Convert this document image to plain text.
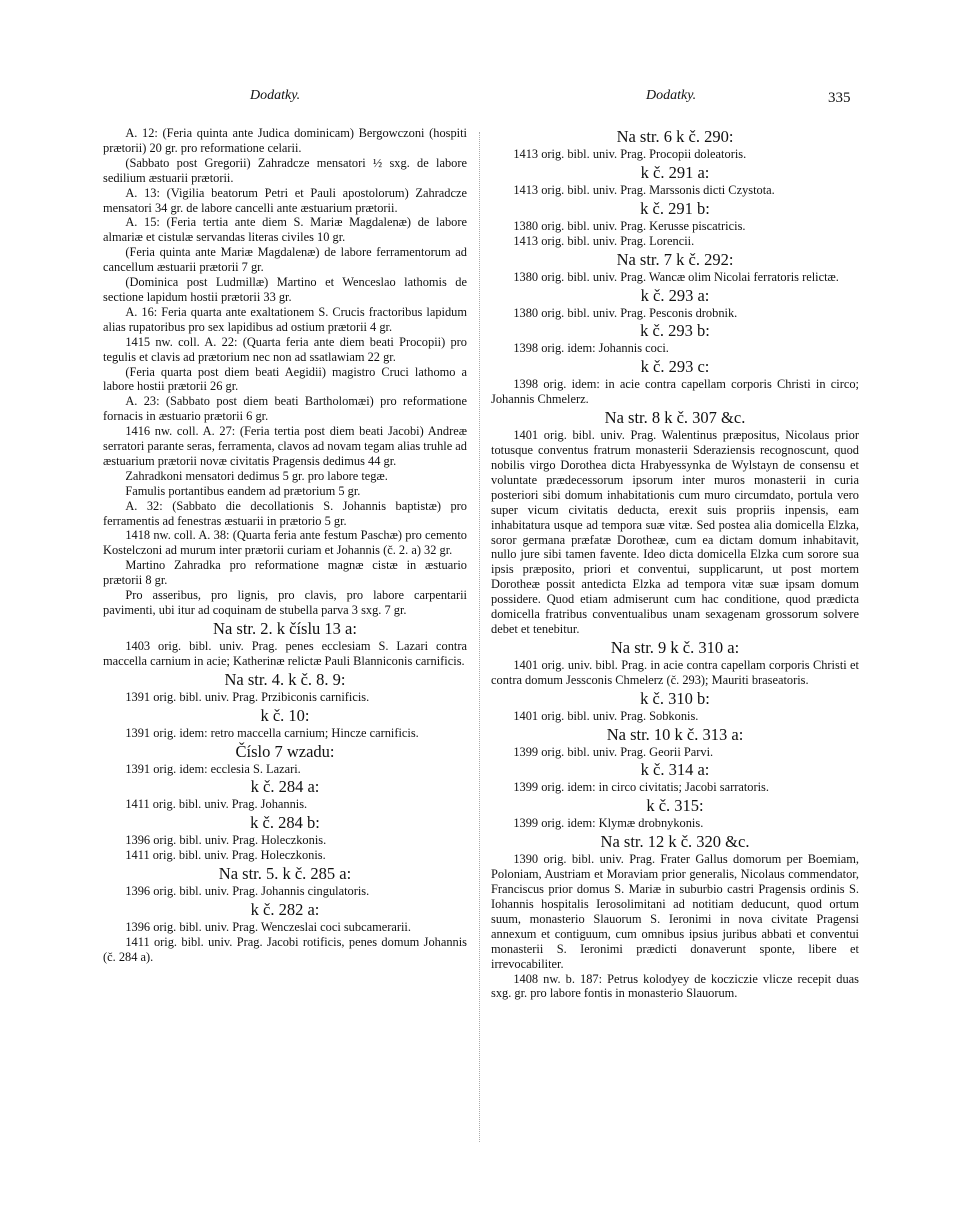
Dodatky.	Dodatky.	335

A. 12: (Feria quinta ante Judica dominicam) Bergowczoni (hospiti prætorii) 20 gr. pro reformatione celarii.

(Sabbato post Gregorii) Zahradcze mensatori ½ sxg. de labore sedilium æstuarii prætorii.

A. 13: (Vigilia beatorum Petri et Pauli apostolorum) Zahradcze mensatori 34 gr. de labore cancelli ante æstuarium prætorii.

A. 15: (Feria tertia ante diem S. Mariæ Magdalenæ) de labore almariæ et cistulæ servandas literas civiles 10 gr.

(Feria quinta ante Mariæ Magdalenæ) de labore ferramentorum ad cancellum æstuarii prætorii 7 gr.

(Dominica post Ludmillæ) Martino et Wenceslao lathomis de sectione lapidum hostii prætorii 33 gr.

A. 16: Feria quarta ante exaltationem S. Crucis fractoribus lapidum alias rupatoribus pro sex lapidibus ad ostium prætorii 4 gr.

1415 nw. coll. A. 22: (Quarta feria ante diem beati Procopii) pro tegulis et clavis ad prætorium nec non ad ssatlawiam 22 gr.

(Feria quarta post diem beati Aegidii) magistro Cruci lathomo a labore hostii prætorii 26 gr.

A. 23: (Sabbato post diem beati Bartholomæi) pro reformatione fornacis in æstuario prætorii 6 gr.

1416 nw. coll. A. 27: (Feria tertia post diem beati Jacobi) Andreæ serratori parante seras, ferramenta, clavos ad novam tegam alias truhle ad æstuarium prætorii novæ civitatis Pragensis dedimus 44 gr.

Zahradkoni mensatori dedimus 5 gr. pro labore tegæ.

Famulis portantibus eandem ad prætorium 5 gr.

A. 32: (Sabbato die decollationis S. Johannis baptistæ) pro ferramentis ad fenestras æstuarii in prætorio 5 gr.

1418 nw. coll. A. 38: (Quarta feria ante festum Paschæ) pro cemento Kostelczoni ad murum inter prætorii curiam et Johannis (č. 2. a) 32 gr.

Martino Zahradka pro reformatione magnæ cistæ in æstuario prætorii 8 gr.

Pro asseribus, pro lignis, pro clavis, pro labore carpentarii pavimenti, ubi itur ad coquinam de stubella parva 3 sxg. 7 gr.

Na str. 2. k číslu 13 a:

1403 orig. bibl. univ. Prag. penes ecclesiam S. Lazari contra maccella carnium in acie; Katherinæ relictæ Pauli Blanniconis carnificis.

Na str. 4. k č. 8. 9:

1391 orig. bibl. univ. Prag. Przibiconis carnificis.

k č. 10:

1391 orig. idem: retro maccella carnium; Hincze carnificis.

Číslo 7 wzadu:

1391 orig. idem: ecclesia S. Lazari.

k č. 284 a:

1411 orig. bibl. univ. Prag. Johannis.

k č. 284 b:

1396 orig. bibl. univ. Prag. Holeczkonis.

1411 orig. bibl. univ. Prag. Holeczkonis.

Na str. 5. k č. 285 a:

1396 orig. bibl. univ. Prag. Johannis cingulatoris.

k č. 282 a:

1396 orig. bibl. univ. Prag. Wenczeslai coci subcamerarii.

1411 orig. bibl. univ. Prag. Jacobi rotificis, penes domum Johannis (č. 284 a).

Na str. 6 k č. 290:

1413 orig. bibl. univ. Prag. Procopii doleatoris.

k č. 291 a:

1413 orig. bibl. univ. Prag. Marssonis dicti Czystota.

k č. 291 b:

1380 orig. bibl. univ. Prag. Kerusse piscatricis.

1413 orig. bibl. univ. Prag. Lorencii.

Na str. 7 k č. 292:

1380 orig. bibl. univ. Prag. Wancæ olim Nicolai ferratoris relictæ.

k č. 293 a:

1380 orig. bibl. univ. Prag. Pesconis drobnik.

k č. 293 b:

1398 orig. idem: Johannis coci.

k č. 293 c:

1398 orig. idem: in acie contra capellam corporis Christi in circo; Johannis Chmelerz.

Na str. 8 k č. 307 &c.

1401 orig. bibl. univ. Prag. Walentinus præpositus, Nicolaus prior totusque conventus fratrum monasterii Sderaziensis recognoscunt, quod nobilis virgo Dorothea dicta Hrabyessynka de Wylstayn de consensu et voluntate prædecessorum ipsorum inter muros monasterii in curia posteriori sibi domum inhabitationis cum muro circumdato, portula vero super vicum civitatis deducta, erexit suis propriis inpensis, eam inhabitatura usque ad tempora suæ vitæ. Sed postea alia domicella Elzka, soror germana præfatæ Dorotheæ, cum ea dictam domum inhabitavit, nullo jure sibi tamen favente. Ideo dicta domicella Elzka cum sorore sua ipsis præposito, priori et conventui, supplicarunt, ut post mortem Dorotheæ possit antedicta Elzka ad tempora vitæ suæ ipsam domum possidere. Quod etiam admiserunt cum hac conditione, quod prædicta domicella fratribus conventualibus unam sexagenam grossorum solvere debet et tenebitur.

Na str. 9 k č. 310 a:

1401 orig. univ. bibl. Prag. in acie contra capellam corporis Christi et contra domum Jessconis Chmelerz (č. 293); Mauriti braseatoris.

k č. 310 b:

1401 orig. bibl. univ. Prag. Sobkonis.

Na str. 10 k č. 313 a:

1399 orig. bibl. univ. Prag. Georii Parvi.

k č. 314 a:

1399 orig. idem: in circo civitatis; Jacobi sarratoris.

k č. 315:

1399 orig. idem: Klymæ drobnykonis.

Na str. 12 k č. 320 &c.

1390 orig. bibl. univ. Prag. Frater Gallus domorum per Boemiam, Poloniam, Austriam et Moraviam prior generalis, Nicolaus commendator, Franciscus prior domus S. Mariæ in suburbio castri Pragensis ordinis S. Iohannis hospitalis Ierosolimitani ad notitiam deducunt, quod ortum suum, monasterio Slauorum S. Ieronimi in nova civitate Pragensi annexum et contiguum, cum omnibus ipsius juribus abbati et conventui monasterii S. Ieronimi prædicti donaverunt sponte, libere et irrevocabiliter.

1408 nw. b. 187: Petrus kolodyey de kocziczie vlicze recepit duas sxg. gr. pro labore fontis in monasterio Slauorum.
